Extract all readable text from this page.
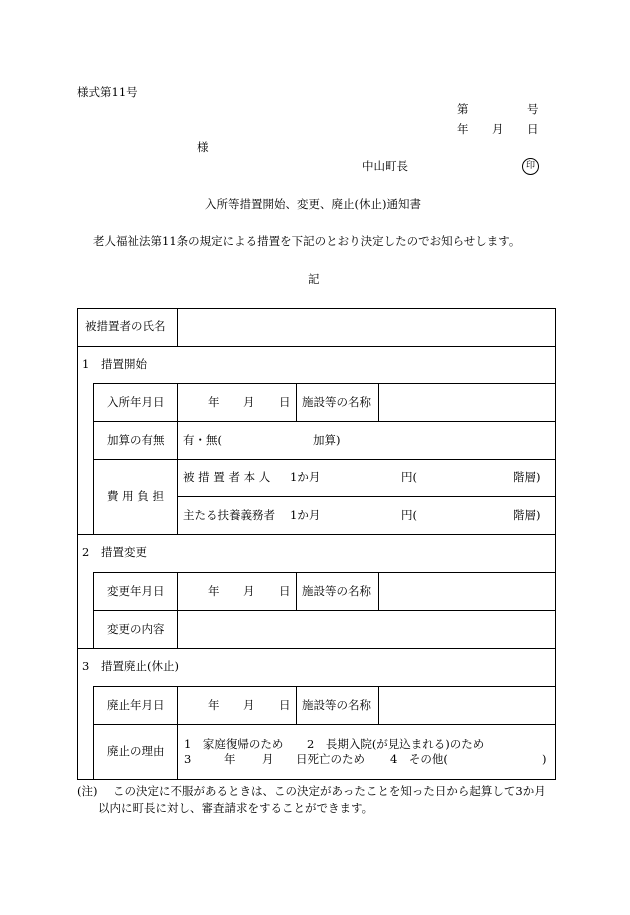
様式第11号
第	号
年 月 日
様
中山町長	印
入所等措置開始、変更、廃止(休止)通知書
老人福祉法第11条の規定による措置を下記のとおり決定したのでお知らせします。
記
被措置者の氏名
1 措置開始
入所年月日	年 月 日 施設等の名称
加算の有無 有・無(	加算)
費 用 負 担
被 措 置 者 本 人 1か月	円(	階層)
主たる扶養義務者 1か月	円(	階層)
2 措置変更
変更年月日	年 月 日 施設等の名称
変更の内容
3 措置廃止(休止)
廃止年月日	年 月 日 施設等の名称
廃止の理由 1　家庭復帰のため 2　長期入院(が見込まれる)のため
3	年 月 日死亡のため 4　その他(	)
(注) この決定に不服があるときは、この決定があったことを知った日から起算して3か月
以内に町長に対し、審査請求をすることができます。
